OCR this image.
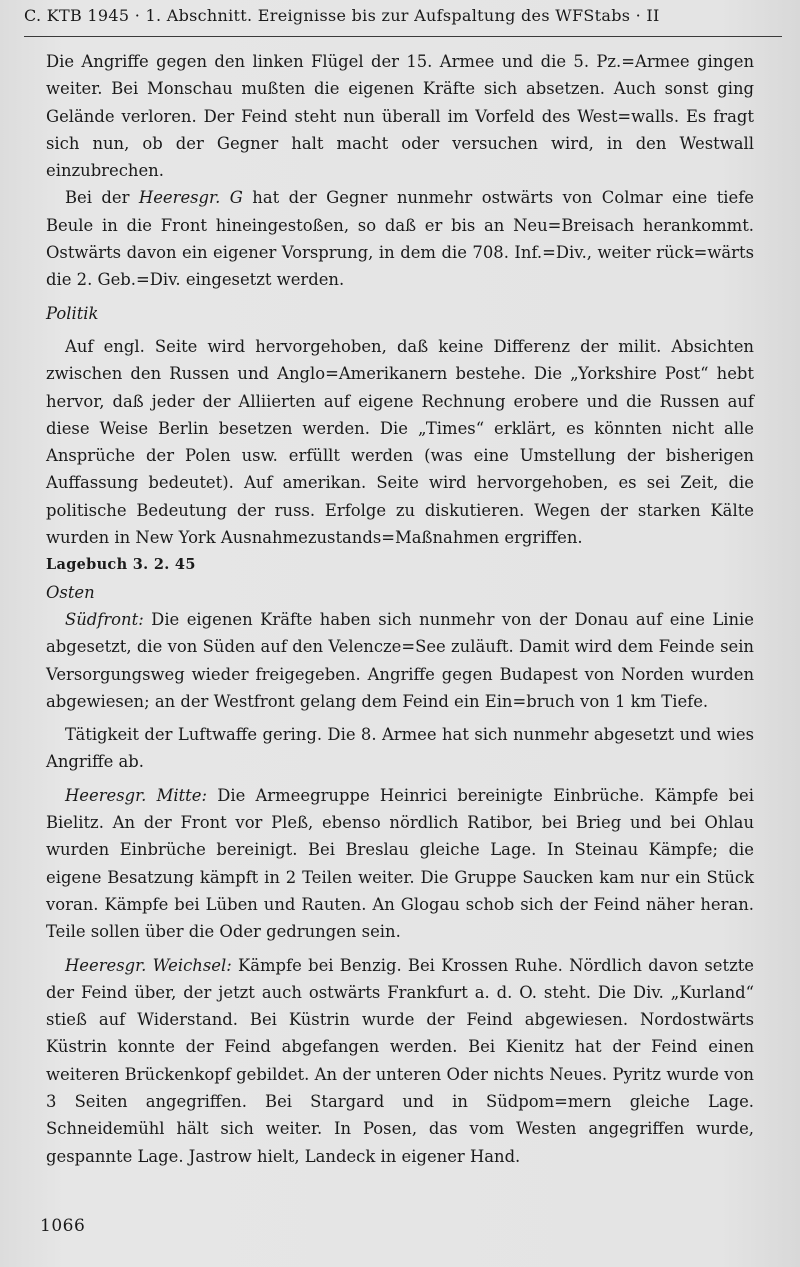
C. KTB 1945 · 1. Abschnitt. Ereignisse bis zur Aufspaltung des WFStabs · II

Die Angriffe gegen den linken Flügel der 15. Armee und die 5. Pz.=Armee gingen weiter. Bei Monschau mußten die eigenen Kräfte sich absetzen. Auch sonst ging Gelände verloren. Der Feind steht nun überall im Vorfeld des West=walls. Es fragt sich nun, ob der Gegner halt macht oder versuchen wird, in den Westwall einzubrechen.

Bei der Heeresgr. G hat der Gegner nunmehr ostwärts von Colmar eine tiefe Beule in die Front hineingestoßen, so daß er bis an Neu=Breisach herankommt. Ostwärts davon ein eigener Vorsprung, in dem die 708. Inf.=Div., weiter rück=wärts die 2. Geb.=Div. eingesetzt werden.

Politik

Auf engl. Seite wird hervorgehoben, daß keine Differenz der milit. Absichten zwischen den Russen und Anglo=Amerikanern bestehe. Die „Yorkshire Post“ hebt hervor, daß jeder der Alliierten auf eigene Rechnung erobere und die Russen auf diese Weise Berlin besetzen werden. Die „Times“ erklärt, es könnten nicht alle Ansprüche der Polen usw. erfüllt werden (was eine Umstellung der bisherigen Auffassung bedeutet). Auf amerikan. Seite wird hervorgehoben, es sei Zeit, die politische Bedeutung der russ. Erfolge zu diskutieren. Wegen der starken Kälte wurden in New York Ausnahmezustands=Maßnahmen ergriffen.

Lagebuch 3. 2. 45

Osten

Südfront: Die eigenen Kräfte haben sich nunmehr von der Donau auf eine Linie abgesetzt, die von Süden auf den Velencze=See zuläuft. Damit wird dem Feinde sein Versorgungsweg wieder freigegeben. Angriffe gegen Budapest von Norden wurden abgewiesen; an der Westfront gelang dem Feind ein Ein=bruch von 1 km Tiefe.

Tätigkeit der Luftwaffe gering. Die 8. Armee hat sich nunmehr abgesetzt und wies Angriffe ab.

Heeresgr. Mitte: Die Armeegruppe Heinrici bereinigte Einbrüche. Kämpfe bei Bielitz. An der Front vor Pleß, ebenso nördlich Ratibor, bei Brieg und bei Ohlau wurden Einbrüche bereinigt. Bei Breslau gleiche Lage. In Steinau Kämpfe; die eigene Besatzung kämpft in 2 Teilen weiter. Die Gruppe Saucken kam nur ein Stück voran. Kämpfe bei Lüben und Rauten. An Glogau schob sich der Feind näher heran. Teile sollen über die Oder gedrungen sein.

Heeresgr. Weichsel: Kämpfe bei Benzig. Bei Krossen Ruhe. Nördlich davon setzte der Feind über, der jetzt auch ostwärts Frankfurt a. d. O. steht. Die Div. „Kurland“ stieß auf Widerstand. Bei Küstrin wurde der Feind abgewiesen. Nordostwärts Küstrin konnte der Feind abgefangen werden. Bei Kienitz hat der Feind einen weiteren Brückenkopf gebildet. An der unteren Oder nichts Neues. Pyritz wurde von 3 Seiten angegriffen. Bei Stargard und in Südpom=mern gleiche Lage. Schneidemühl hält sich weiter. In Posen, das vom Westen angegriffen wurde, gespannte Lage. Jastrow hielt, Landeck in eigener Hand.

1066
